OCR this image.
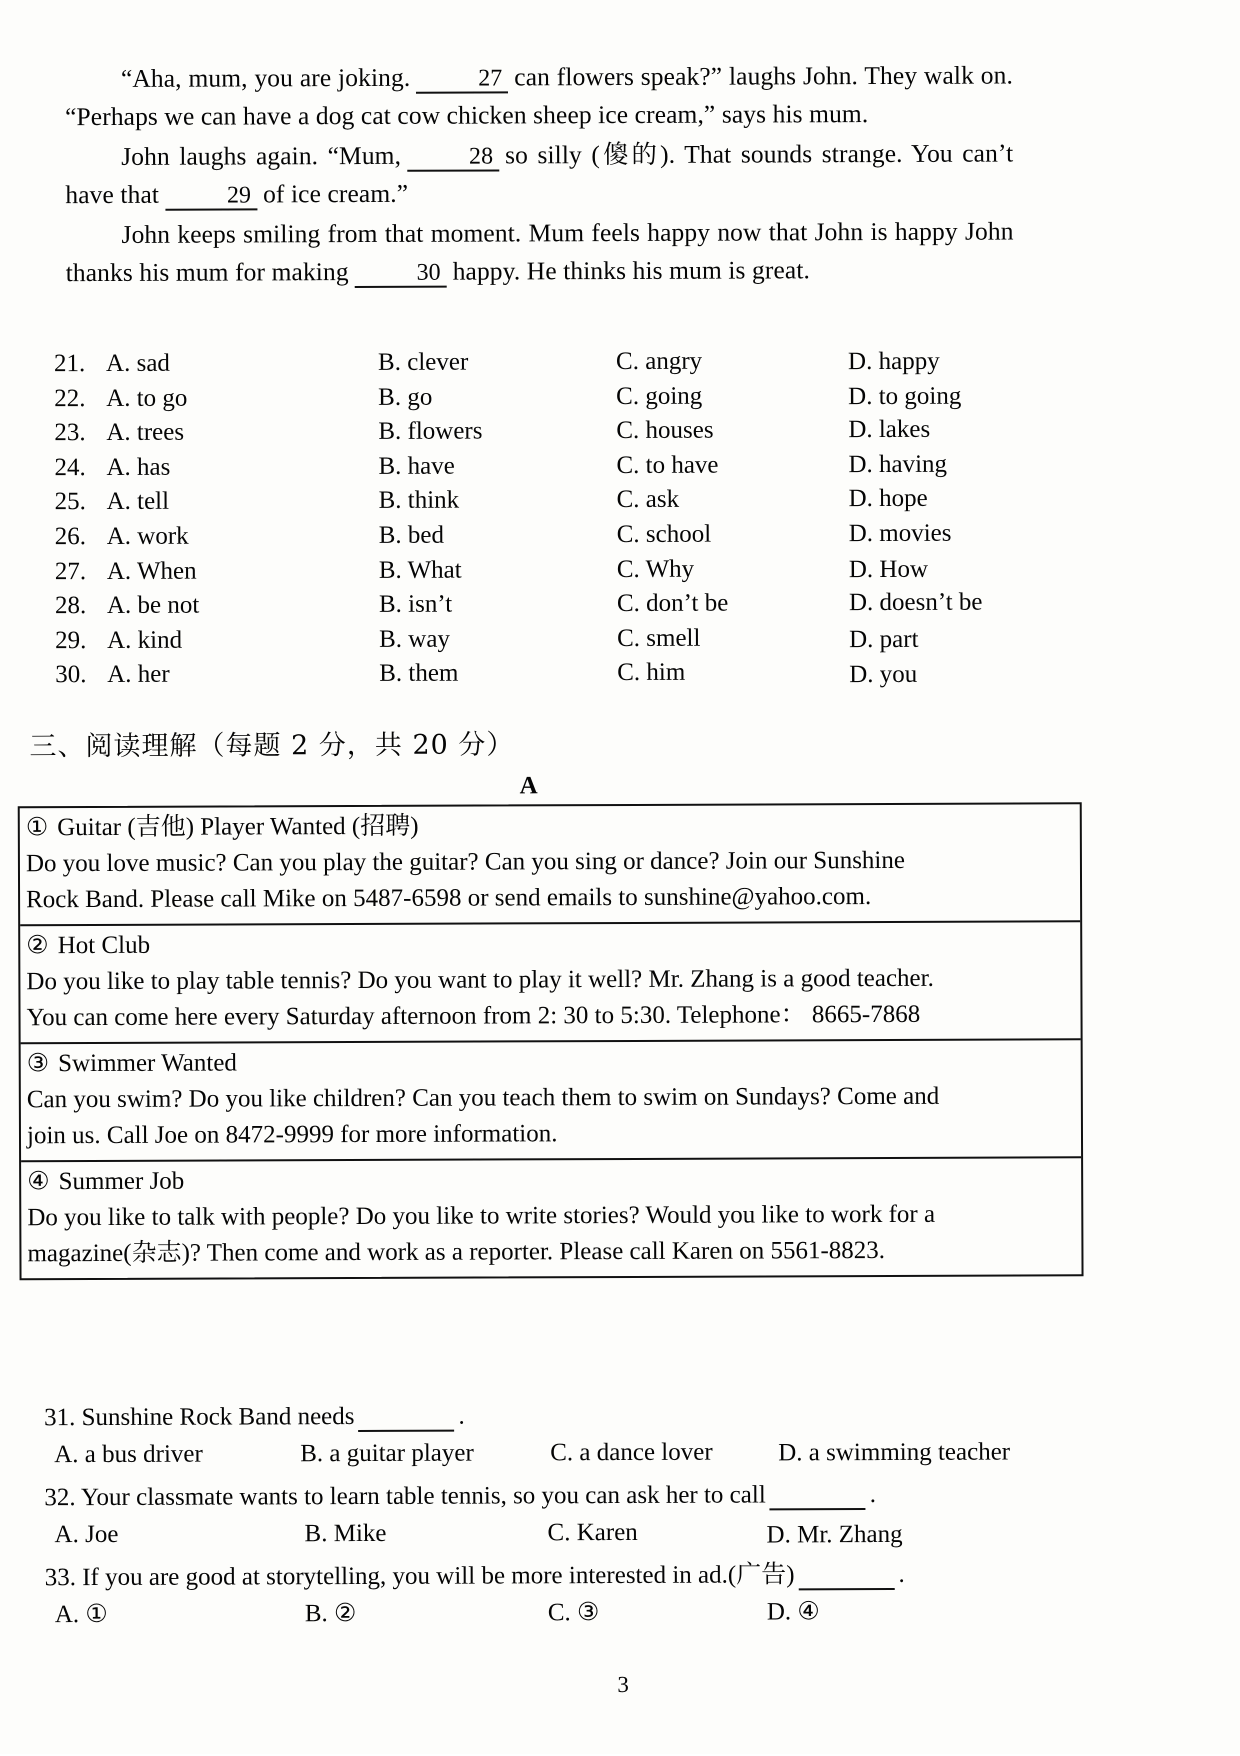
“Aha, mum, you are joking.	27 can flowers speak?” laughs John. They walk on. “Perhaps we can have a dog cat cow chicken sheep ice cream,” says his mum.

John laughs again. “Mum,	28 so silly (傻的). That sounds strange. You can’t have that	29 of ice cream.”

John keeps smiling from that moment. Mum feels happy now that John is happy John thanks his mum for making	30 happy. He thinks his mum is great.

21. A. sad	B. clever	C. angry	D. happy
22. A. to go	B. go	C. going	D. to going
23. A. trees	B. flowers	C. houses	D. lakes
24. A. has	B. have	C. to have	D. having
25. A. tell	B. think	C. ask	D. hope
26. A. work	B. bed	C. school	D. movies
27. A. When	B. What	C. Why	D. How
28. A. be not	B. isn’t	C. don’t be	D. doesn’t be
29. A. kind	B. way	C. smell	D. part
30. A. her	B. them	C. him	D. you
三、阅读理解（每题 2 分，共 20 分）
A
① Guitar (吉他) Player Wanted (招聘)
Do you love music? Can you play the guitar? Can you sing or dance? Join our Sunshine
Rock Band. Please call Mike on 5487-6598 or send emails to sunshine@yahoo.com.
② Hot Club
Do you like to play table tennis? Do you want to play it well? Mr. Zhang is a good teacher.
You can come here every Saturday afternoon from 2: 30 to 5:30. Telephone： 8665-7868
③ Swimmer Wanted
Can you swim? Do you like children? Can you teach them to swim on Sundays? Come and
join us. Call Joe on 8472-9999 for more information.
④ Summer Job
Do you like to talk with people? Do you like to write stories? Would you like to work for a
magazine(杂志)? Then come and work as a reporter. Please call Karen on 5561-8823.
31. Sunshine Rock Band needs	.
A. a bus driver	B. a guitar player	C. a dance lover	D. a swimming teacher
32. Your classmate wants to learn table tennis, so you can ask her to call	.
A. Joe	B. Mike	C. Karen	D. Mr. Zhang
33. If you are good at storytelling, you will be more interested in ad.(广告)	.
A. ①	B. ②	C. ③	D. ④
3
